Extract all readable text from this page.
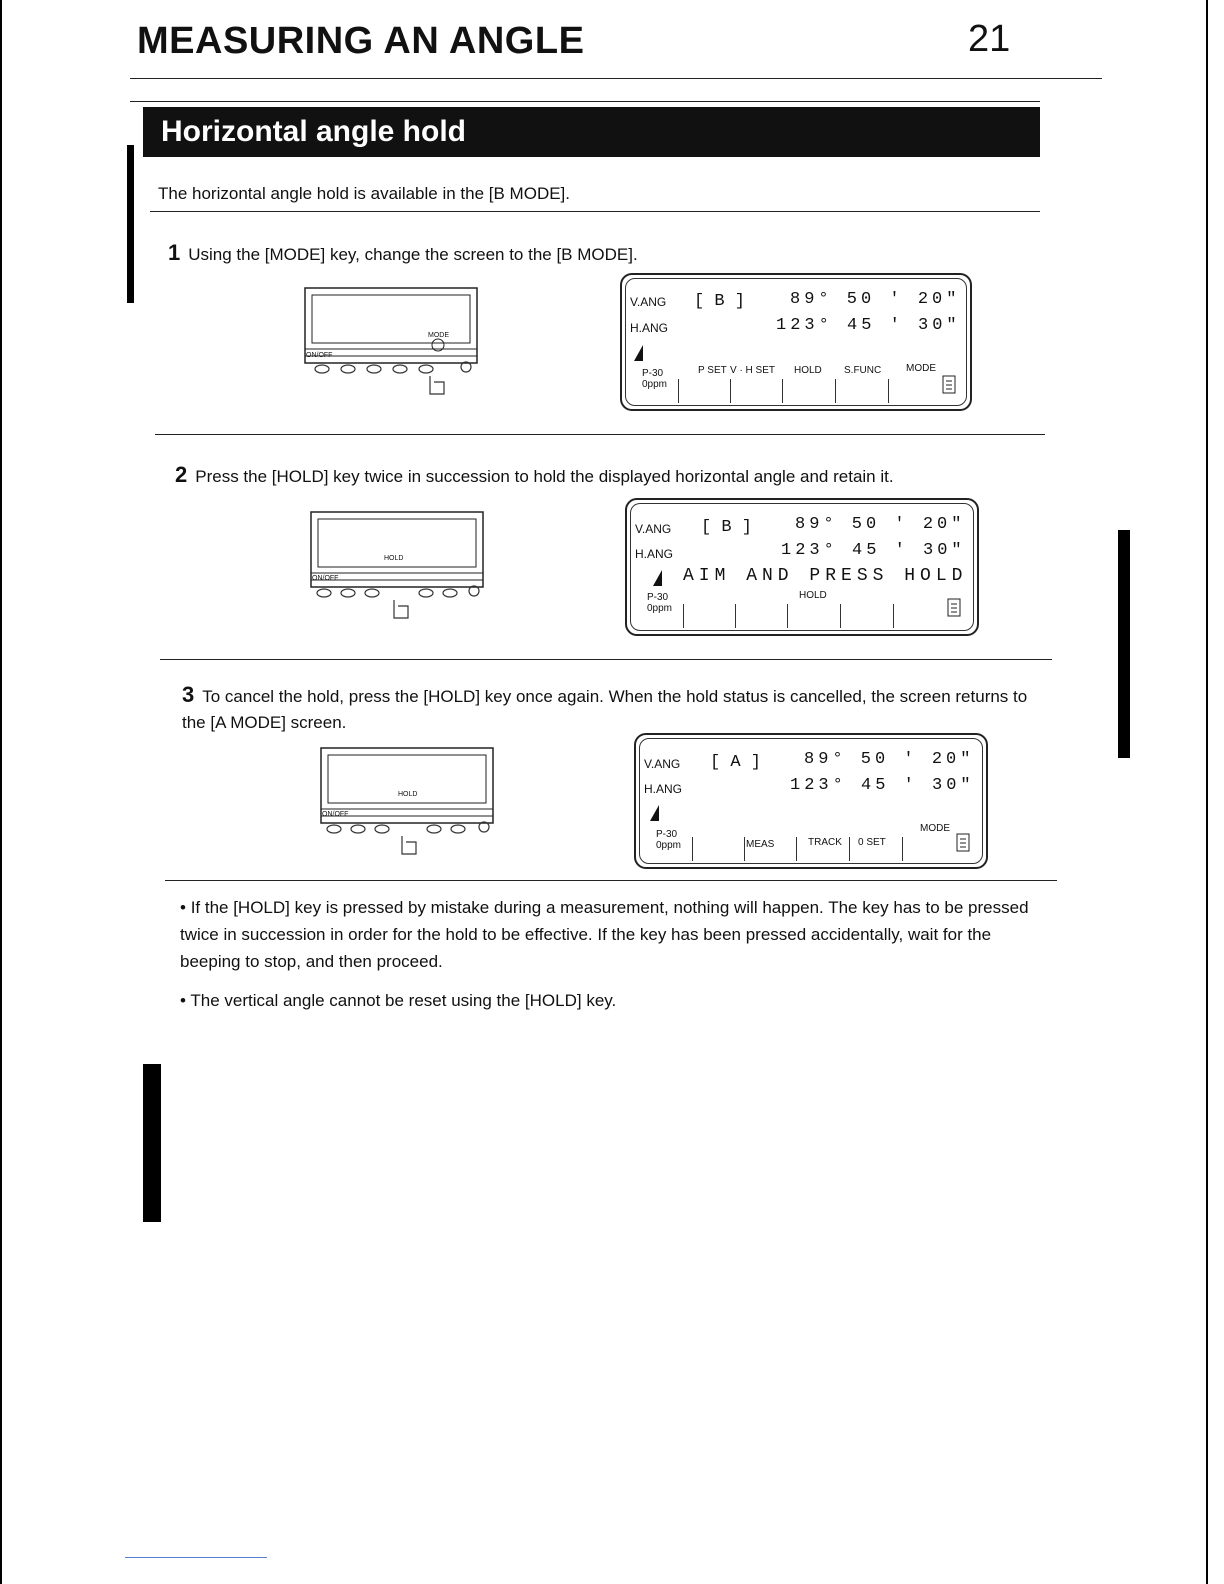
MEASURING AN ANGLE	21
Horizontal angle hold
The horizontal angle hold is available in the [B MODE].
1 Using the [MODE] key, change the screen to the [B MODE].
ON/OFF
MODE
V.ANG
H.ANG
[ B ]	89° 50 ' 20"
123° 45 ' 30"
P-30
0ppm
P SET V · H SET HOLD S.FUNC MODE
2 Press the [HOLD] key twice in succession to hold the displayed horizontal angle and retain it.
ON/OFF
HOLD
V.ANG
H.ANG
[ B ]	89° 50 ' 20"
123° 45 ' 30"
AIM AND PRESS HOLD
P-30
0ppm
HOLD
3 To cancel the hold, press the [HOLD] key once again. When the hold status is cancelled, the screen returns to the [A MODE] screen.
ON/OFF
HOLD
V.ANG
H.ANG
[ A ]	89° 50 ' 20"
123° 45 ' 30"
P-30
0ppm	MEAS	TRACK 0 SET
MODE
• If the [HOLD] key is pressed by mistake during a measurement, nothing will happen. The key has to be pressed twice in succession in order for the hold to be effective. If the key has been pressed accidentally, wait for the beeping to stop, and then proceed.
• The vertical angle cannot be reset using the [HOLD] key.
